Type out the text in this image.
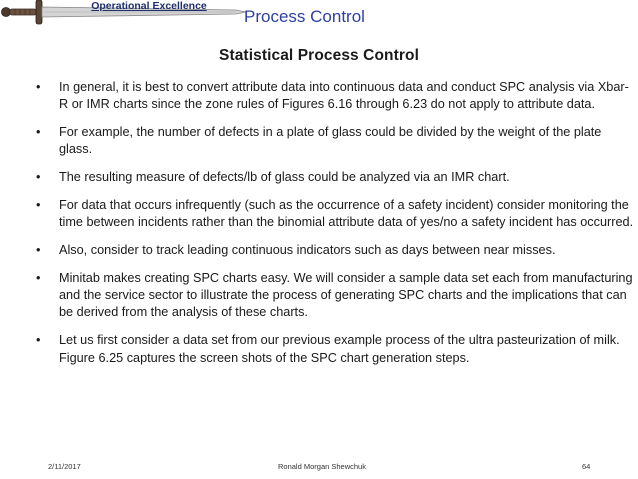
Operational Excellence
Process Control
Statistical Process Control
• In general, it is best to convert attribute data into continuous data and conduct SPC analysis via Xbar-R or IMR charts since the zone rules of Figures 6.16 through 6.23 do not apply to attribute data.
• For example, the number of defects in a plate of glass could be divided by the weight of the plate glass.
• The resulting measure of defects/lb of glass could be analyzed via an IMR chart.
• For data that occurs infrequently (such as the occurrence of a safety incident) consider monitoring the time between incidents rather than the binomial attribute data of yes/no a safety incident has occurred.
• Also, consider to track leading continuous indicators such as days between near misses.
• Minitab makes creating SPC charts easy. We will consider a sample data set each from manufacturing and the service sector to illustrate the process of generating SPC charts and the implications that can be derived from the analysis of these charts.
• Let us first consider a data set from our previous example process of the ultra pasteurization of milk. Figure 6.25 captures the screen shots of the SPC chart generation steps.
2/11/2017	Ronald Morgan Shewchuk	64
